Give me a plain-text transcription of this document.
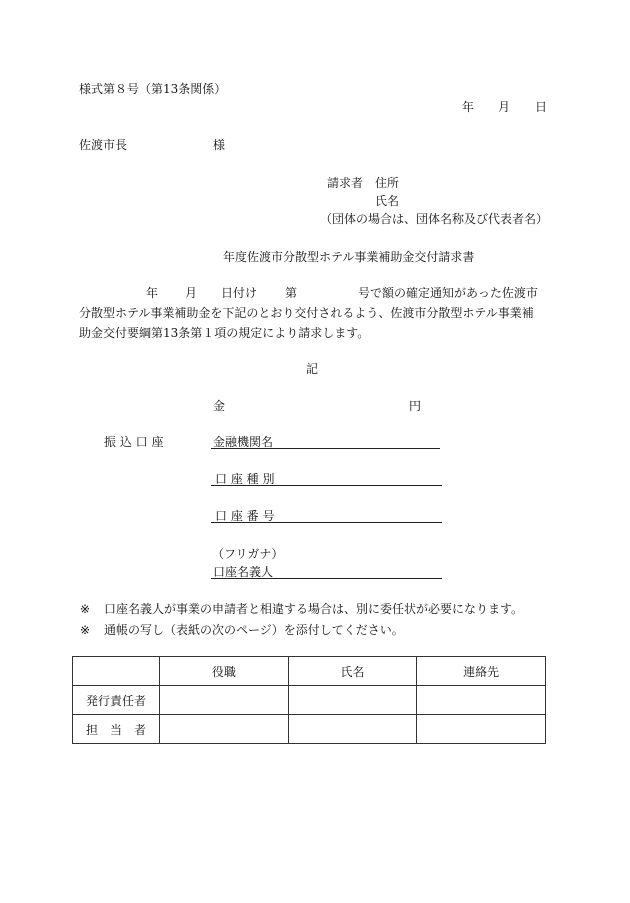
様式第８号（第13条関係）
年 月 日
佐渡市長	様
請求者 住所
氏名
（団体の場合は、団体名称及び代表者名）
年度佐渡市分散型ホテル事業補助金交付請求書
年 月 日付け 第	号で額の確定通知があった佐渡市
分散型ホテル事業補助金を下記のとおり交付されるよう、佐渡市分散型ホテル事業補
助金交付要綱第13条第１項の規定により請求します。
記
金	円
振 込 口 座	金融機関名
口 座 種 別
口 座 番 号
（フリガナ）
口座名義人
※ 口座名義人が事業の申請者と相違する場合は、別に委任状が必要になります。
※ 通帳の写し（表紙の次のページ）を添付してください。
	役職	氏名	連絡先
発行責任者			
担　当　者			
